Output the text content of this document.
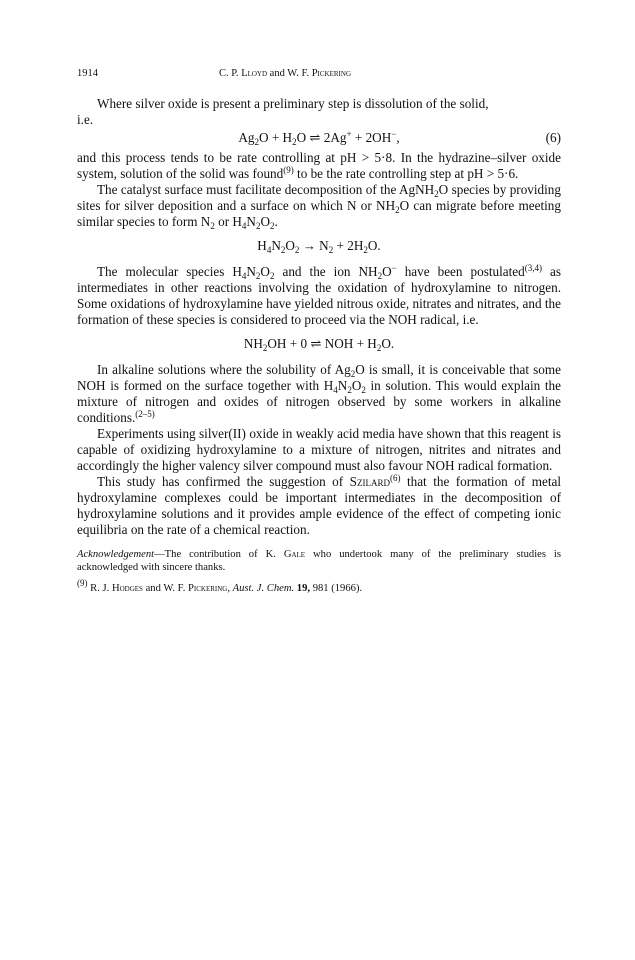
1914	C. P. Lloyd and W. F. Pickering

Where silver oxide is present a preliminary step is dissolution of the solid,
i.e.

$Ag_2O + H_2O$ ⇌ 2Ag+ + 2OH−,	(6)

and this process tends to be rate controlling at pH > 5·8. In the hydrazine–silver oxide system, solution of the solid was found$^{(9)}$ to be the rate controlling step at pH > 5·6.

The catalyst surface must facilitate decomposition of the AgNH$_2$O species by providing sites for silver deposition and a surface on which N or $NH_2O$ can migrate before meeting similar species to form $N_2$ or $H_4N_2O_2$.

$H_4N_2O_2 \to N_2 + 2H_2O$.

The molecular species $H_4N_2O_2$ and the ion $NH_2O^-$ have been postulated$^{(3,4)}$ as intermediates in other reactions involving the oxidation of hydroxylamine to nitrogen. Some oxidations of hydroxylamine have yielded nitrous oxide, nitrates and nitrates, and the formation of these species is considered to proceed via the NOH radical, i.e.

$NH_2OH + 0$ ⇌ NOH + $H_2O$.

In alkaline solutions where the solubility of $Ag_2O$ is small, it is conceivable that some NOH is formed on the surface together with $H_4N_2O_2$ in solution. This would explain the mixture of nitrogen and oxides of nitrogen observed by some workers in alkaline conditions.$^{(2-5)}$

Experiments using silver(II) oxide in weakly acid media have shown that this reagent is capable of oxidizing hydroxylamine to a mixture of nitrogen, nitrites and nitrates and accordingly the higher valency silver compound must also favour NOH radical formation.

This study has confirmed the suggestion of Szilard$^{(6)}$ that the formation of metal hydroxylamine complexes could be important intermediates in the decomposition of hydroxylamine solutions and it provides ample evidence of the effect of competing ionic equilibria on the rate of a chemical reaction.

Acknowledgement—The contribution of K. Gale who undertook many of the preliminary studies is acknowledged with sincere thanks.

$^{(9)}$ R. J. Hodges and W. F. Pickering, Aust. J. Chem. 19, 981 (1966).
